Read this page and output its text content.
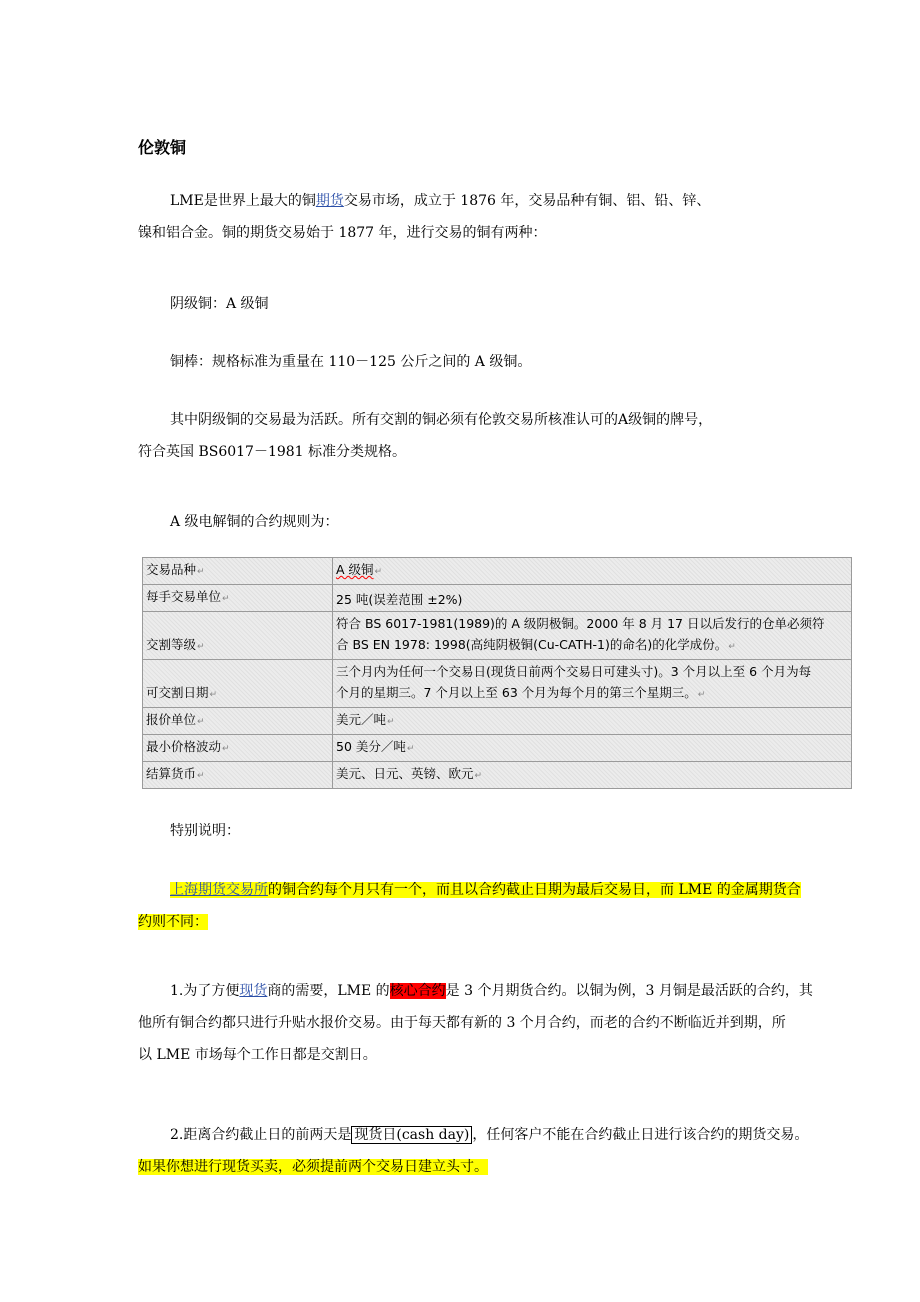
伦敦铜
LME是世界上最大的铜期货交易市场，成立于 1876 年，交易品种有铜、铝、铅、锌、
镍和铝合金。铜的期货交易始于 1877 年，进行交易的铜有两种：
阴级铜：A 级铜
铜棒：规格标准为重量在 110－125 公斤之间的 A 级铜。
其中阴级铜的交易最为活跃。所有交割的铜必须有伦敦交易所核准认可的A级铜的牌号，
符合英国 BS6017－1981 标准分类规格。
A 级电解铜的合约规则为：
交易品种↵	A 级铜↵
每手交易单位↵	25 吨(误差范围 ±2%)
交割等级↵	符合 BS 6017-1981(1989)的 A 级阴极铜。2000 年 8 月 17 日以后发行的仓单必须符
合 BS EN 1978: 1998(高纯阴极铜(Cu-CATH-1)的命名)的化学成份。↵
可交割日期↵	三个月内为任何一个交易日(现货日前两个交易日可建头寸)。3 个月以上至 6 个月为每
个月的星期三。7 个月以上至 63 个月为每个月的第三个星期三。↵
报价单位↵	美元／吨↵
最小价格波动↵	50 美分／吨↵
结算货币↵	美元、日元、英镑、欧元↵
特别说明：
上海期货交易所的铜合约每个月只有一个，而且以合约截止日期为最后交易日，而 LME 的金属期货合
约则不同：
1.为了方便现货商的需要，LME 的核心合约是 3 个月期货合约。以铜为例，3 月铜是最活跃的合约，其
他所有铜合约都只进行升贴水报价交易。由于每天都有新的 3 个月合约，而老的合约不断临近并到期，所
以 LME 市场每个工作日都是交割日。
2.距离合约截止日的前两天是 现货日(cash day) ，任何客户不能在合约截止日进行该合约的期货交易。
如果你想进行现货买卖，必须提前两个交易日建立头寸。
